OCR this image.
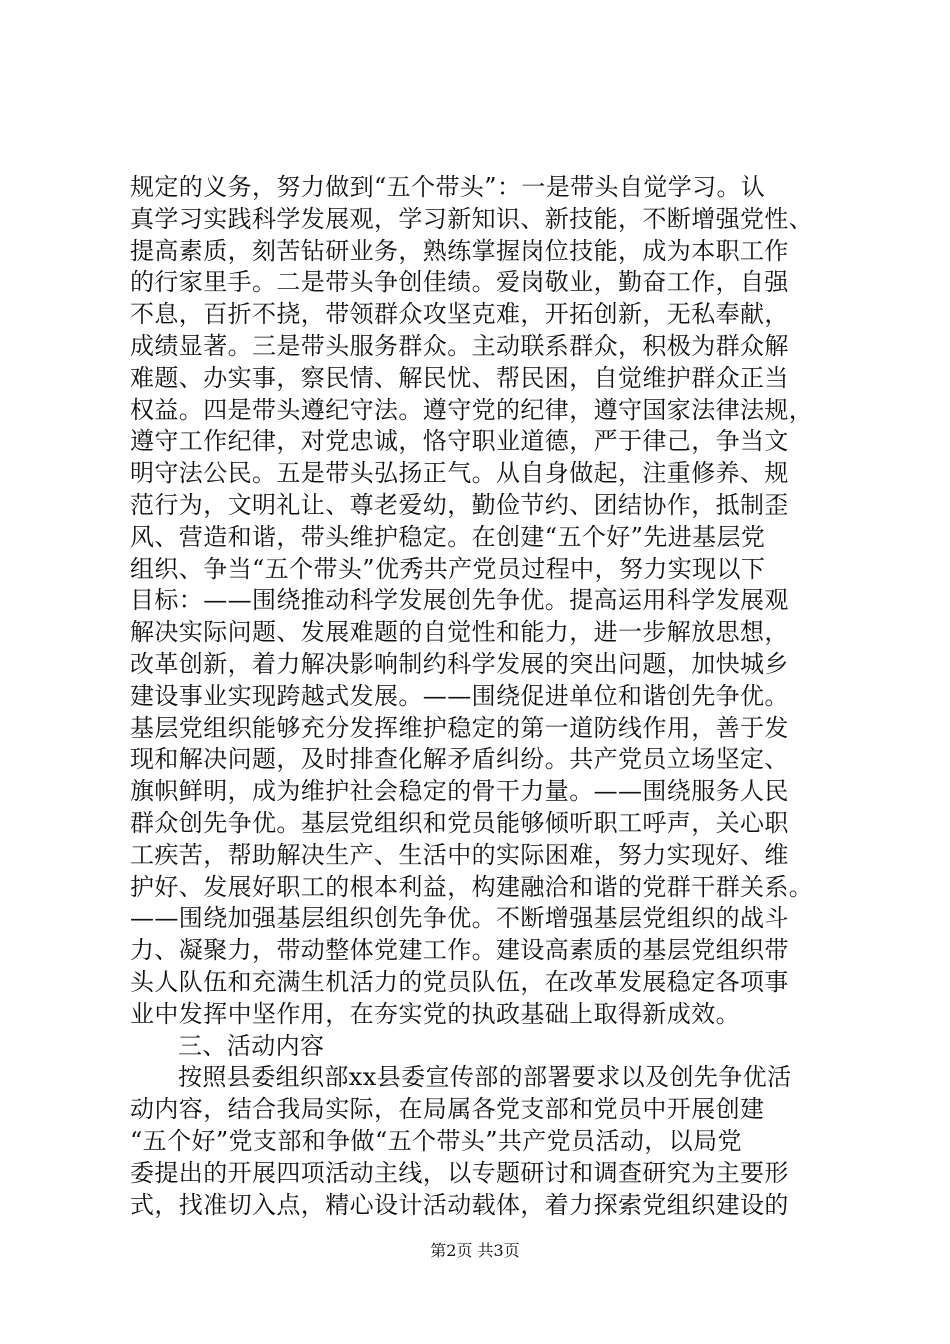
规定的义务，努力做到“五个带头”：一是带头自觉学习。认
真学习实践科学发展观，学习新知识、新技能，不断增强党性、
提高素质，刻苦钻研业务，熟练掌握岗位技能，成为本职工作
的行家里手。二是带头争创佳绩。爱岗敬业，勤奋工作，自强
不息，百折不挠，带领群众攻坚克难，开拓创新，无私奉献，
成绩显著。三是带头服务群众。主动联系群众，积极为群众解
难题、办实事，察民情、解民忧、帮民困，自觉维护群众正当
权益。四是带头遵纪守法。遵守党的纪律，遵守国家法律法规，
遵守工作纪律，对党忠诚，恪守职业道德，严于律己，争当文
明守法公民。五是带头弘扬正气。从自身做起，注重修养、规
范行为，文明礼让、尊老爱幼，勤俭节约、团结协作，抵制歪
风、营造和谐，带头维护稳定。在创建“五个好”先进基层党
组织、争当“五个带头”优秀共产党员过程中，努力实现以下
目标：——围绕推动科学发展创先争优。提高运用科学发展观
解决实际问题、发展难题的自觉性和能力，进一步解放思想，
改革创新，着力解决影响制约科学发展的突出问题，加快城乡
建设事业实现跨越式发展。——围绕促进单位和谐创先争优。
基层党组织能够充分发挥维护稳定的第一道防线作用，善于发
现和解决问题，及时排查化解矛盾纠纷。共产党员立场坚定、
旗帜鲜明，成为维护社会稳定的骨干力量。——围绕服务人民
群众创先争优。基层党组织和党员能够倾听职工呼声，关心职
工疾苦，帮助解决生产、生活中的实际困难，努力实现好、维
护好、发展好职工的根本利益，构建融洽和谐的党群干群关系。
——围绕加强基层组织创先争优。不断增强基层党组织的战斗
力、凝聚力，带动整体党建工作。建设高素质的基层党组织带
头人队伍和充满生机活力的党员队伍，在改革发展稳定各项事
业中发挥中坚作用，在夯实党的执政基础上取得新成效。
三、活动内容
按照县委组织部xx县委宣传部的部署要求以及创先争优活
动内容，结合我局实际，在局属各党支部和党员中开展创建
“五个好”党支部和争做“五个带头”共产党员活动，以局党
委提出的开展四项活动主线，以专题研讨和调查研究为主要形
式，找准切入点，精心设计活动载体，着力探索党组织建设的
第2页 共3页
